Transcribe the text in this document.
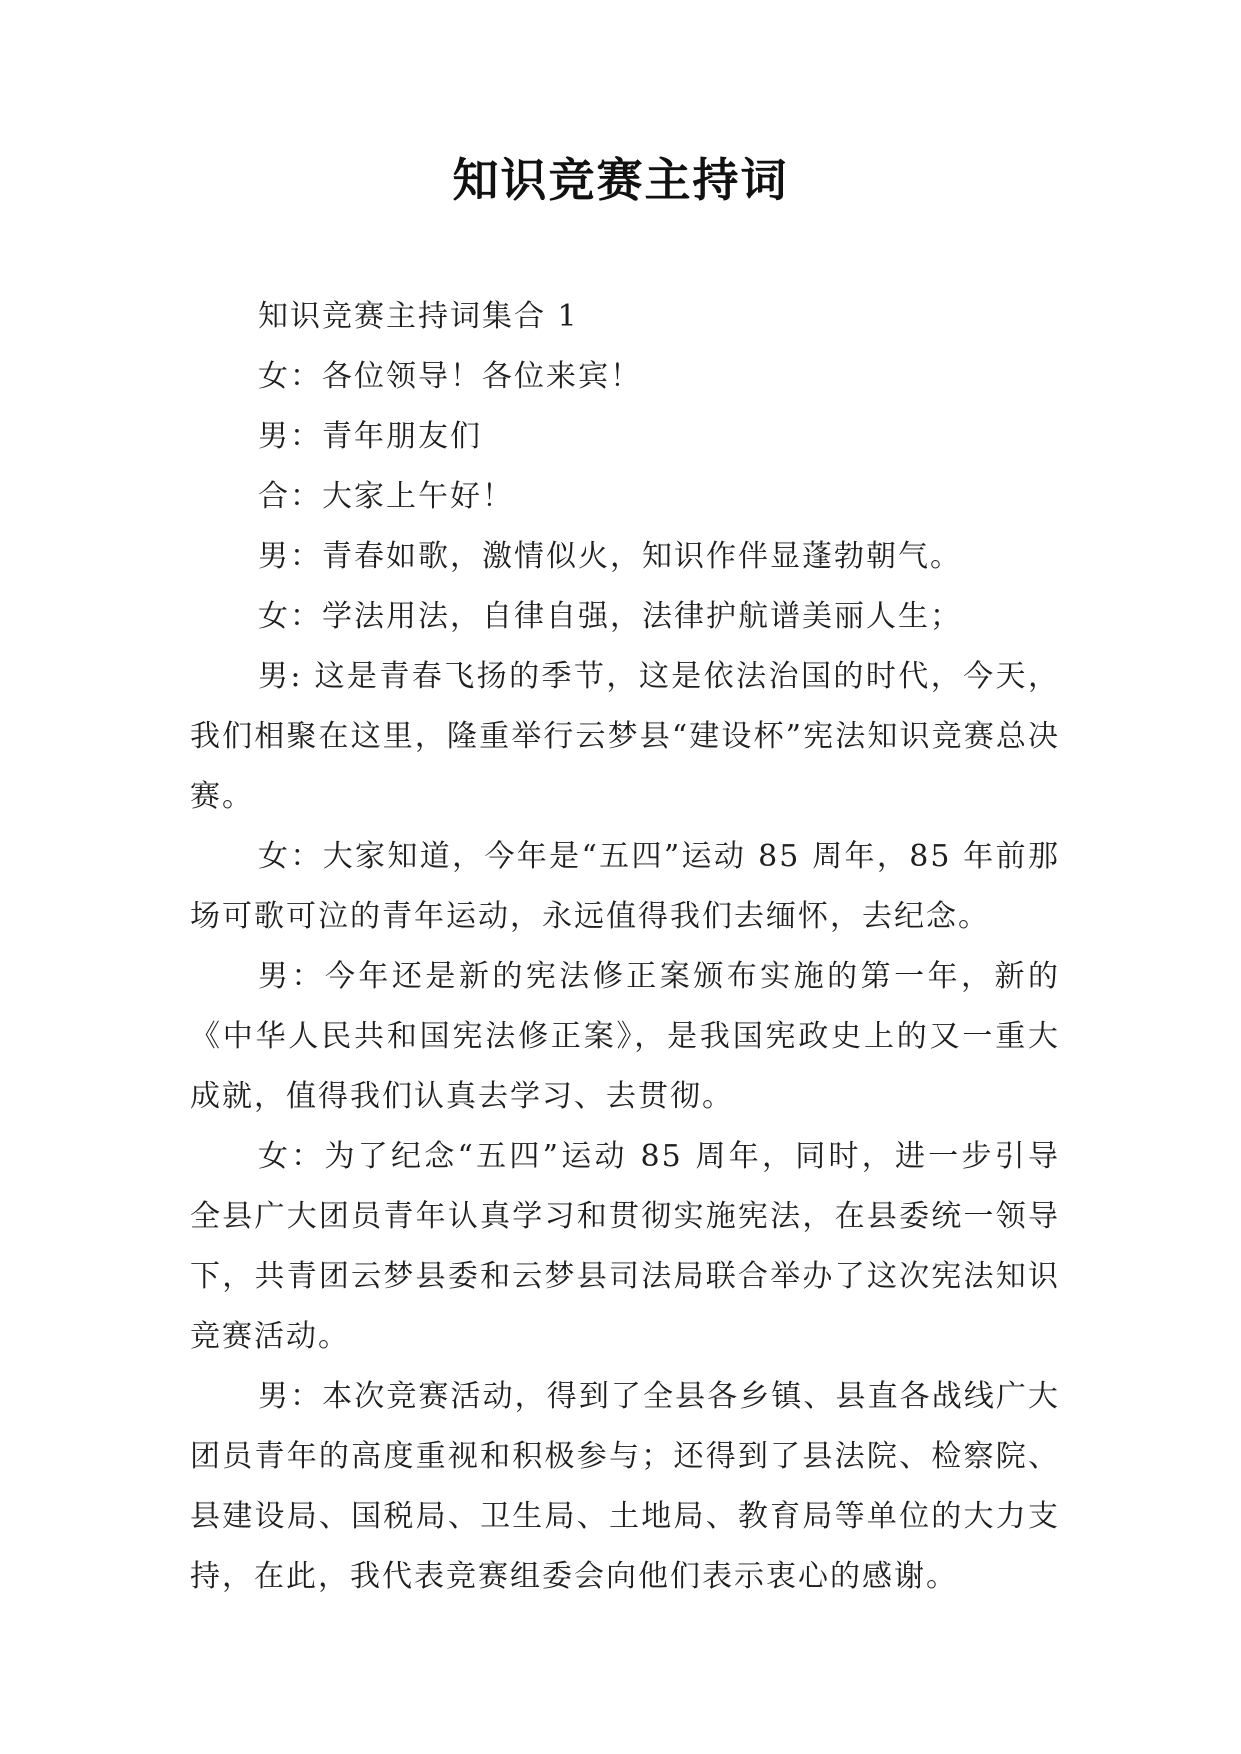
知识竞赛主持词

知识竞赛主持词集合 1

女：各位领导！各位来宾！

男：青年朋友们

合：大家上午好！

男：青春如歌，激情似火，知识作伴显蓬勃朝气。

女：学法用法，自律自强，法律护航谱美丽人生；

男: 这是青春飞扬的季节，这是依法治国的时代，今天，我们相聚在这里，隆重举行云梦县“建设杯”宪法知识竞赛总决赛。

女：大家知道，今年是“五四”运动 85 周年，85 年前那场可歌可泣的青年运动，永远值得我们去缅怀，去纪念。

男：今年还是新的宪法修正案颁布实施的第一年，新的《中华人民共和国宪法修正案》，是我国宪政史上的又一重大成就，值得我们认真去学习、去贯彻。

女：为了纪念“五四”运动 85 周年，同时，进一步引导全县广大团员青年认真学习和贯彻实施宪法，在县委统一领导下，共青团云梦县委和云梦县司法局联合举办了这次宪法知识竞赛活动。

男：本次竞赛活动，得到了全县各乡镇、县直各战线广大团员青年的高度重视和积极参与；还得到了县法院、检察院、县建设局、国税局、卫生局、土地局、教育局等单位的大力支持，在此，我代表竞赛组委会向他们表示衷心的感谢。
